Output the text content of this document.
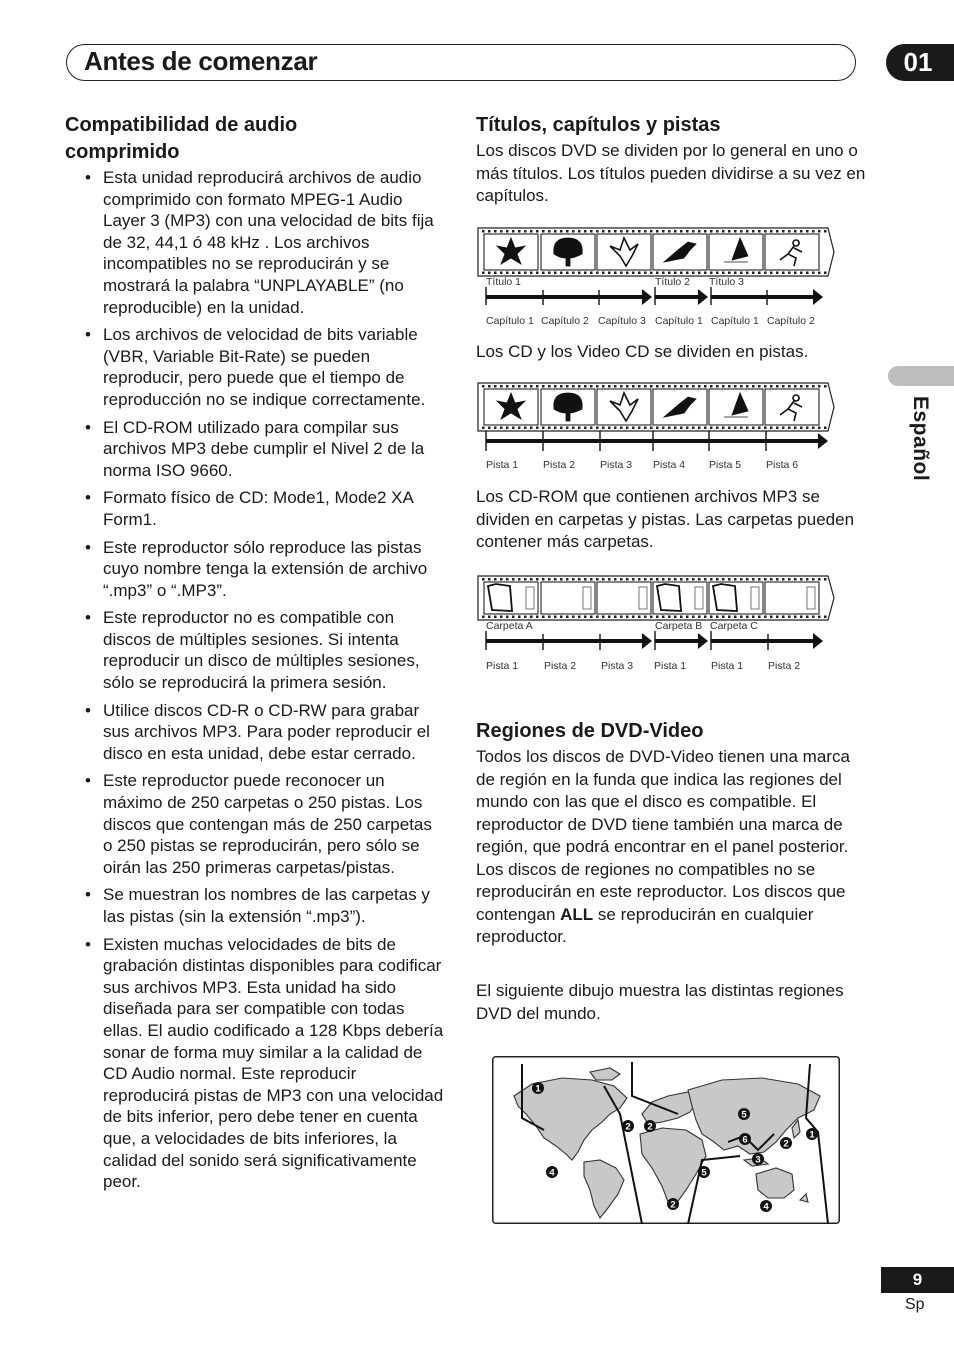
Antes de comenzar	01
Español
Compatibilidad de audio comprimido
• Esta unidad reproducirá archivos de audio comprimido con formato MPEG-1 Audio Layer 3 (MP3) con una velocidad de bits fija de 32, 44,1 ó 48 kHz . Los archivos incompatibles no se reproducirán y se mostrará la palabra “UNPLAYABLE” (no reproducible) en la unidad.
• Los archivos de velocidad de bits variable (VBR, Variable Bit-Rate) se pueden reproducir, pero puede que el tiempo de reproducción no se indique correctamente.
• El CD-ROM utilizado para compilar sus archivos MP3 debe cumplir el Nivel 2 de la norma ISO 9660.
• Formato físico de CD: Mode1, Mode2 XA Form1.
• Este reproductor sólo reproduce las pistas cuyo nombre tenga la extensión de archivo “.mp3” o “.MP3”.
• Este reproductor no es compatible con discos de múltiples sesiones. Si intenta reproducir un disco de múltiples sesiones, sólo se reproducirá la primera sesión.
• Utilice discos CD-R o CD-RW para grabar sus archivos MP3. Para poder reproducir el disco en esta unidad, debe estar cerrado.
• Este reproductor puede reconocer un máximo de 250 carpetas o 250 pistas. Los discos que contengan más de 250 carpetas o 250 pistas se reproducirán, pero sólo se oirán las 250 primeras carpetas/pistas.
• Se muestran los nombres de las carpetas y las pistas (sin la extensión “.mp3”).
• Existen muchas velocidades de bits de grabación distintas disponibles para codificar sus archivos MP3. Esta unidad ha sido diseñada para ser compatible con todas ellas. El audio codificado a 128 Kbps debería sonar de forma muy similar a la calidad de CD Audio normal. Este reproducir reproducirá pistas de MP3 con una velocidad de bits inferior, pero debe tener en cuenta que, a velocidades de bits inferiores, la calidad del sonido será significativamente peor.
Títulos, capítulos y pistas

Los discos DVD se dividen por lo general en uno o más títulos. Los títulos pueden dividirse a su vez en capítulos.

Título 1	Título 2 Título 3
Capítulo 1 Capítulo 2 Capítulo 3 Capítulo 1 Capítulo 1 Capítulo 2

Los CD y los Video CD se dividen en pistas.

Pista 1 Pista 2 Pista 3 Pista 4 Pista 5 Pista 6

Los CD-ROM que contienen archivos MP3 se dividen en carpetas y pistas. Las carpetas pueden contener más carpetas.

Carpeta A	Carpeta B Carpeta C
Pista 1 Pista 2 Pista 3 Pista 1 Pista 1 Pista 2
Regiones de DVD-Video

Todos los discos de DVD-Video tienen una marca de región en la funda que indica las regiones del mundo con las que el disco es compatible. El reproductor de DVD tiene también una marca de región, que podrá encontrar en el panel posterior. Los discos de regiones no compatibles no se reproducirán en este reproductor. Los discos que contengan ALL se reproducirán en cualquier reproductor.

El siguiente dibujo muestra las distintas regiones DVD del mundo.

1
2 2
4
5
6	2
1
3
5
4
2
9
Sp
